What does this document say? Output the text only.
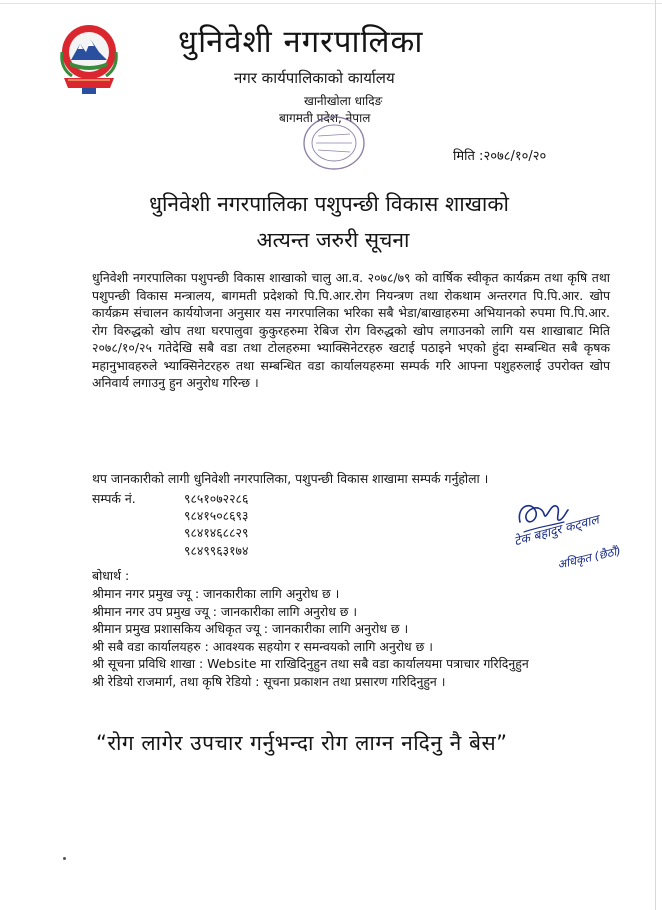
धुनिवेशी नगरपालिका
नगर कार्यपालिकाको कार्यालय
खानीखोला धादिङ
बागमती प्रदेश, नेपाल
मिति :२०७८/१०/२०
धुनिवेशी नगरपालिका पशुपन्छी विकास शाखाको
अत्यन्त जरुरी सूचना
धुनिवेशी नगरपालिका पशुपन्छी विकास शाखाको चालु आ.व. २०७८/७९ को वार्षिक स्वीकृत कार्यक्रम तथा कृषि तथा पशुपन्छी विकास मन्त्रालय, बागमती प्रदेशको पि.पि.आर.रोग नियन्त्रण तथा रोकथाम अन्तरगत पि.पि.आर. खोप कार्यक्रम संचालन कार्ययोजना अनुसार यस नगरपालिका भरिका सबै भेडा/बाखाहरुमा अभियानको रुपमा पि.पि.आर. रोग विरुद्धको खोप तथा घरपालुवा कुकुरहरुमा रेबिज रोग विरुद्धको खोप लगाउनको लागि यस शाखाबाट मिति २०७८/१०/२५ गतेदेखि सबै वडा तथा टोलहरुमा भ्याक्सिनेटरहरु खटाई पठाइने भएको हुंदा सम्बन्धित सबै कृषक महानुभावहरुले भ्याक्सिनेटरहरु तथा सम्बन्धित वडा कार्यालयहरुमा सम्पर्क गरि आफ्ना पशुहरुलाई उपरोक्त खोप अनिवार्य लगाउनु हुन अनुरोध गरिन्छ ।
थप जानकारीको लागी धुनिवेशी नगरपालिका, पशुपन्छी विकास शाखामा सम्पर्क गर्नुहोला ।
सम्पर्क नं.	९८५१०७२२८६
९८४१५०८६९३
९८४१४६८८२९
९८४९९६३१७४
टेक बहादुर कट्वाल
अधिकृत (छैठौं)
बोधार्थ :
श्रीमान नगर प्रमुख ज्यू : जानकारीका लागि अनुरोध छ ।
श्रीमान नगर उप प्रमुख ज्यू : जानकारीका लागि अनुरोध छ ।
श्रीमान प्रमुख प्रशासकिय अधिकृत ज्यू : जानकारीका लागि अनुरोध छ ।
श्री सबै वडा कार्यालयहरु : आवश्यक सहयोग र समन्वयको लागि अनुरोध छ ।
श्री सूचना प्रविधि शाखा : Website मा राखिदिनुहुन तथा सबै वडा कार्यालयमा पत्राचार गरिदिनुहुन
श्री रेडियो राजमार्ग, तथा कृषि रेडियो : सूचना प्रकाशन तथा प्रसारण गरिदिनुहुन ।
“रोग लागेर उपचार गर्नुभन्दा रोग लाग्न नदिनु नै बेस”
